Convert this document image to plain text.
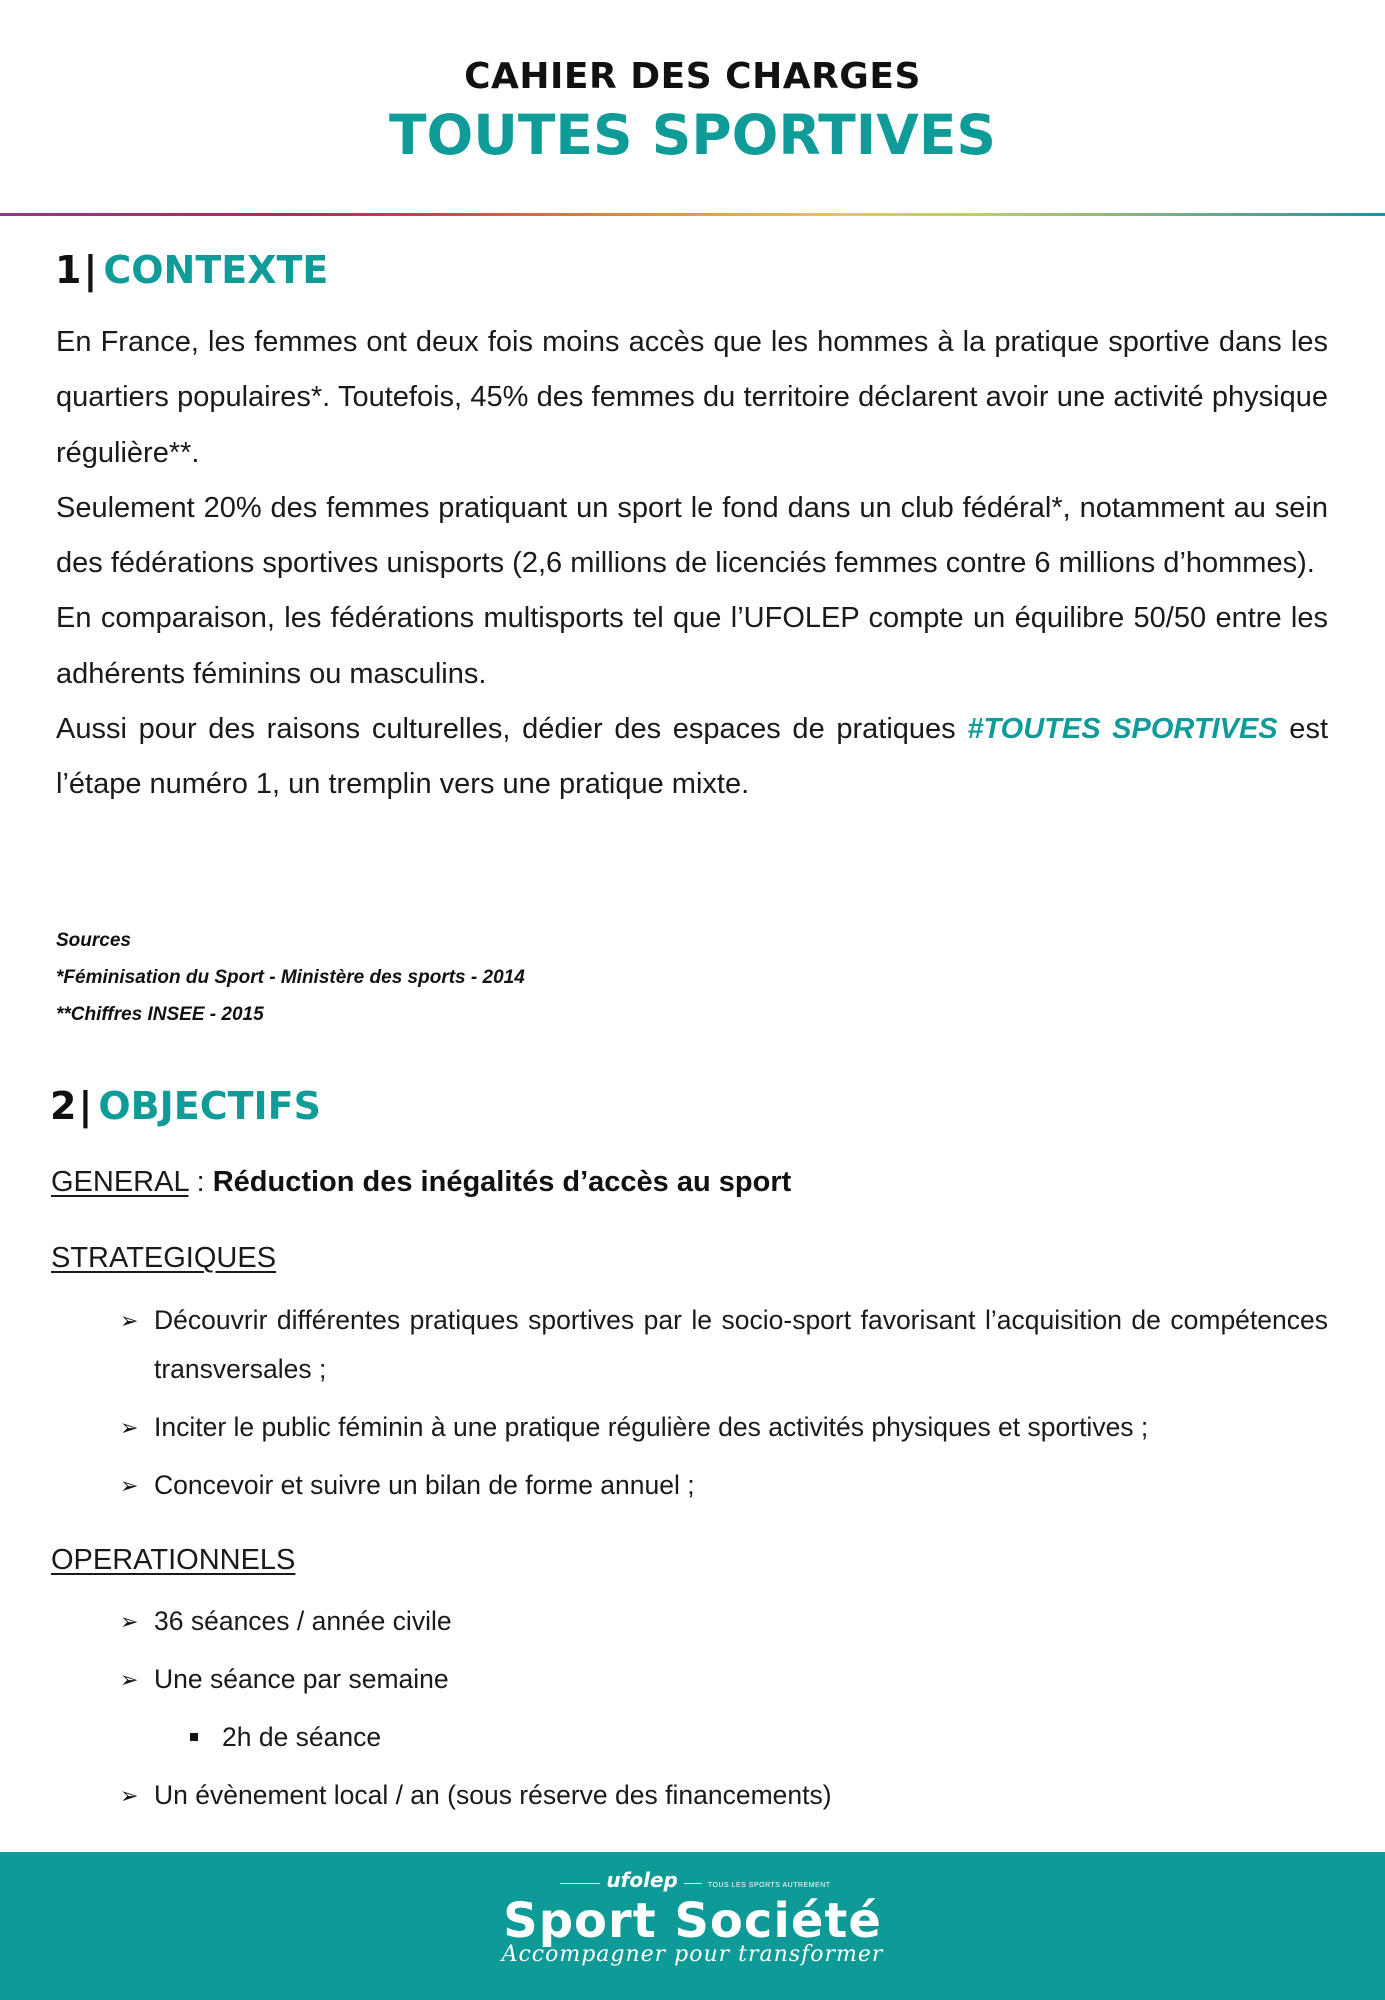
CAHIER DES CHARGES
TOUTES SPORTIVES
1| CONTEXTE

En France, les femmes ont deux fois moins accès que les hommes à la pratique sportive dans les quartiers populaires*. Toutefois, 45% des femmes du territoire déclarent avoir une activité physique régulière**.

Seulement 20% des femmes pratiquant un sport le fond dans un club fédéral*, notamment au sein des fédérations sportives unisports (2,6 millions de licenciés femmes contre 6 millions d’hommes).

En comparaison, les fédérations multisports tel que l’UFOLEP compte un équilibre 50/50 entre les adhérents féminins ou masculins.

Aussi pour des raisons culturelles, dédier des espaces de pratiques #TOUTES SPORTIVES est l’étape numéro 1, un tremplin vers une pratique mixte.

Sources
*Féminisation du Sport - Ministère des sports - 2014
**Chiffres INSEE - 2015
2| OBJECTIFS
GENERAL : Réduction des inégalités d’accès au sport
STRATEGIQUES
➢ Découvrir différentes pratiques sportives par le socio-sport favorisant l’acquisition de compétences transversales ;
➢ Inciter le public féminin à une pratique régulière des activités physiques et sportives ;
➢ Concevoir et suivre un bilan de forme annuel ;
OPERATIONNELS
➢ 36 séances / année civile
➢ Une séance par semaine
2h de séance
➢ Un évènement local / an (sous réserve des financements)
ufolep	TOUS LES SPORTS AUTREMENT
Sport Société
Accompagner pour transformer
